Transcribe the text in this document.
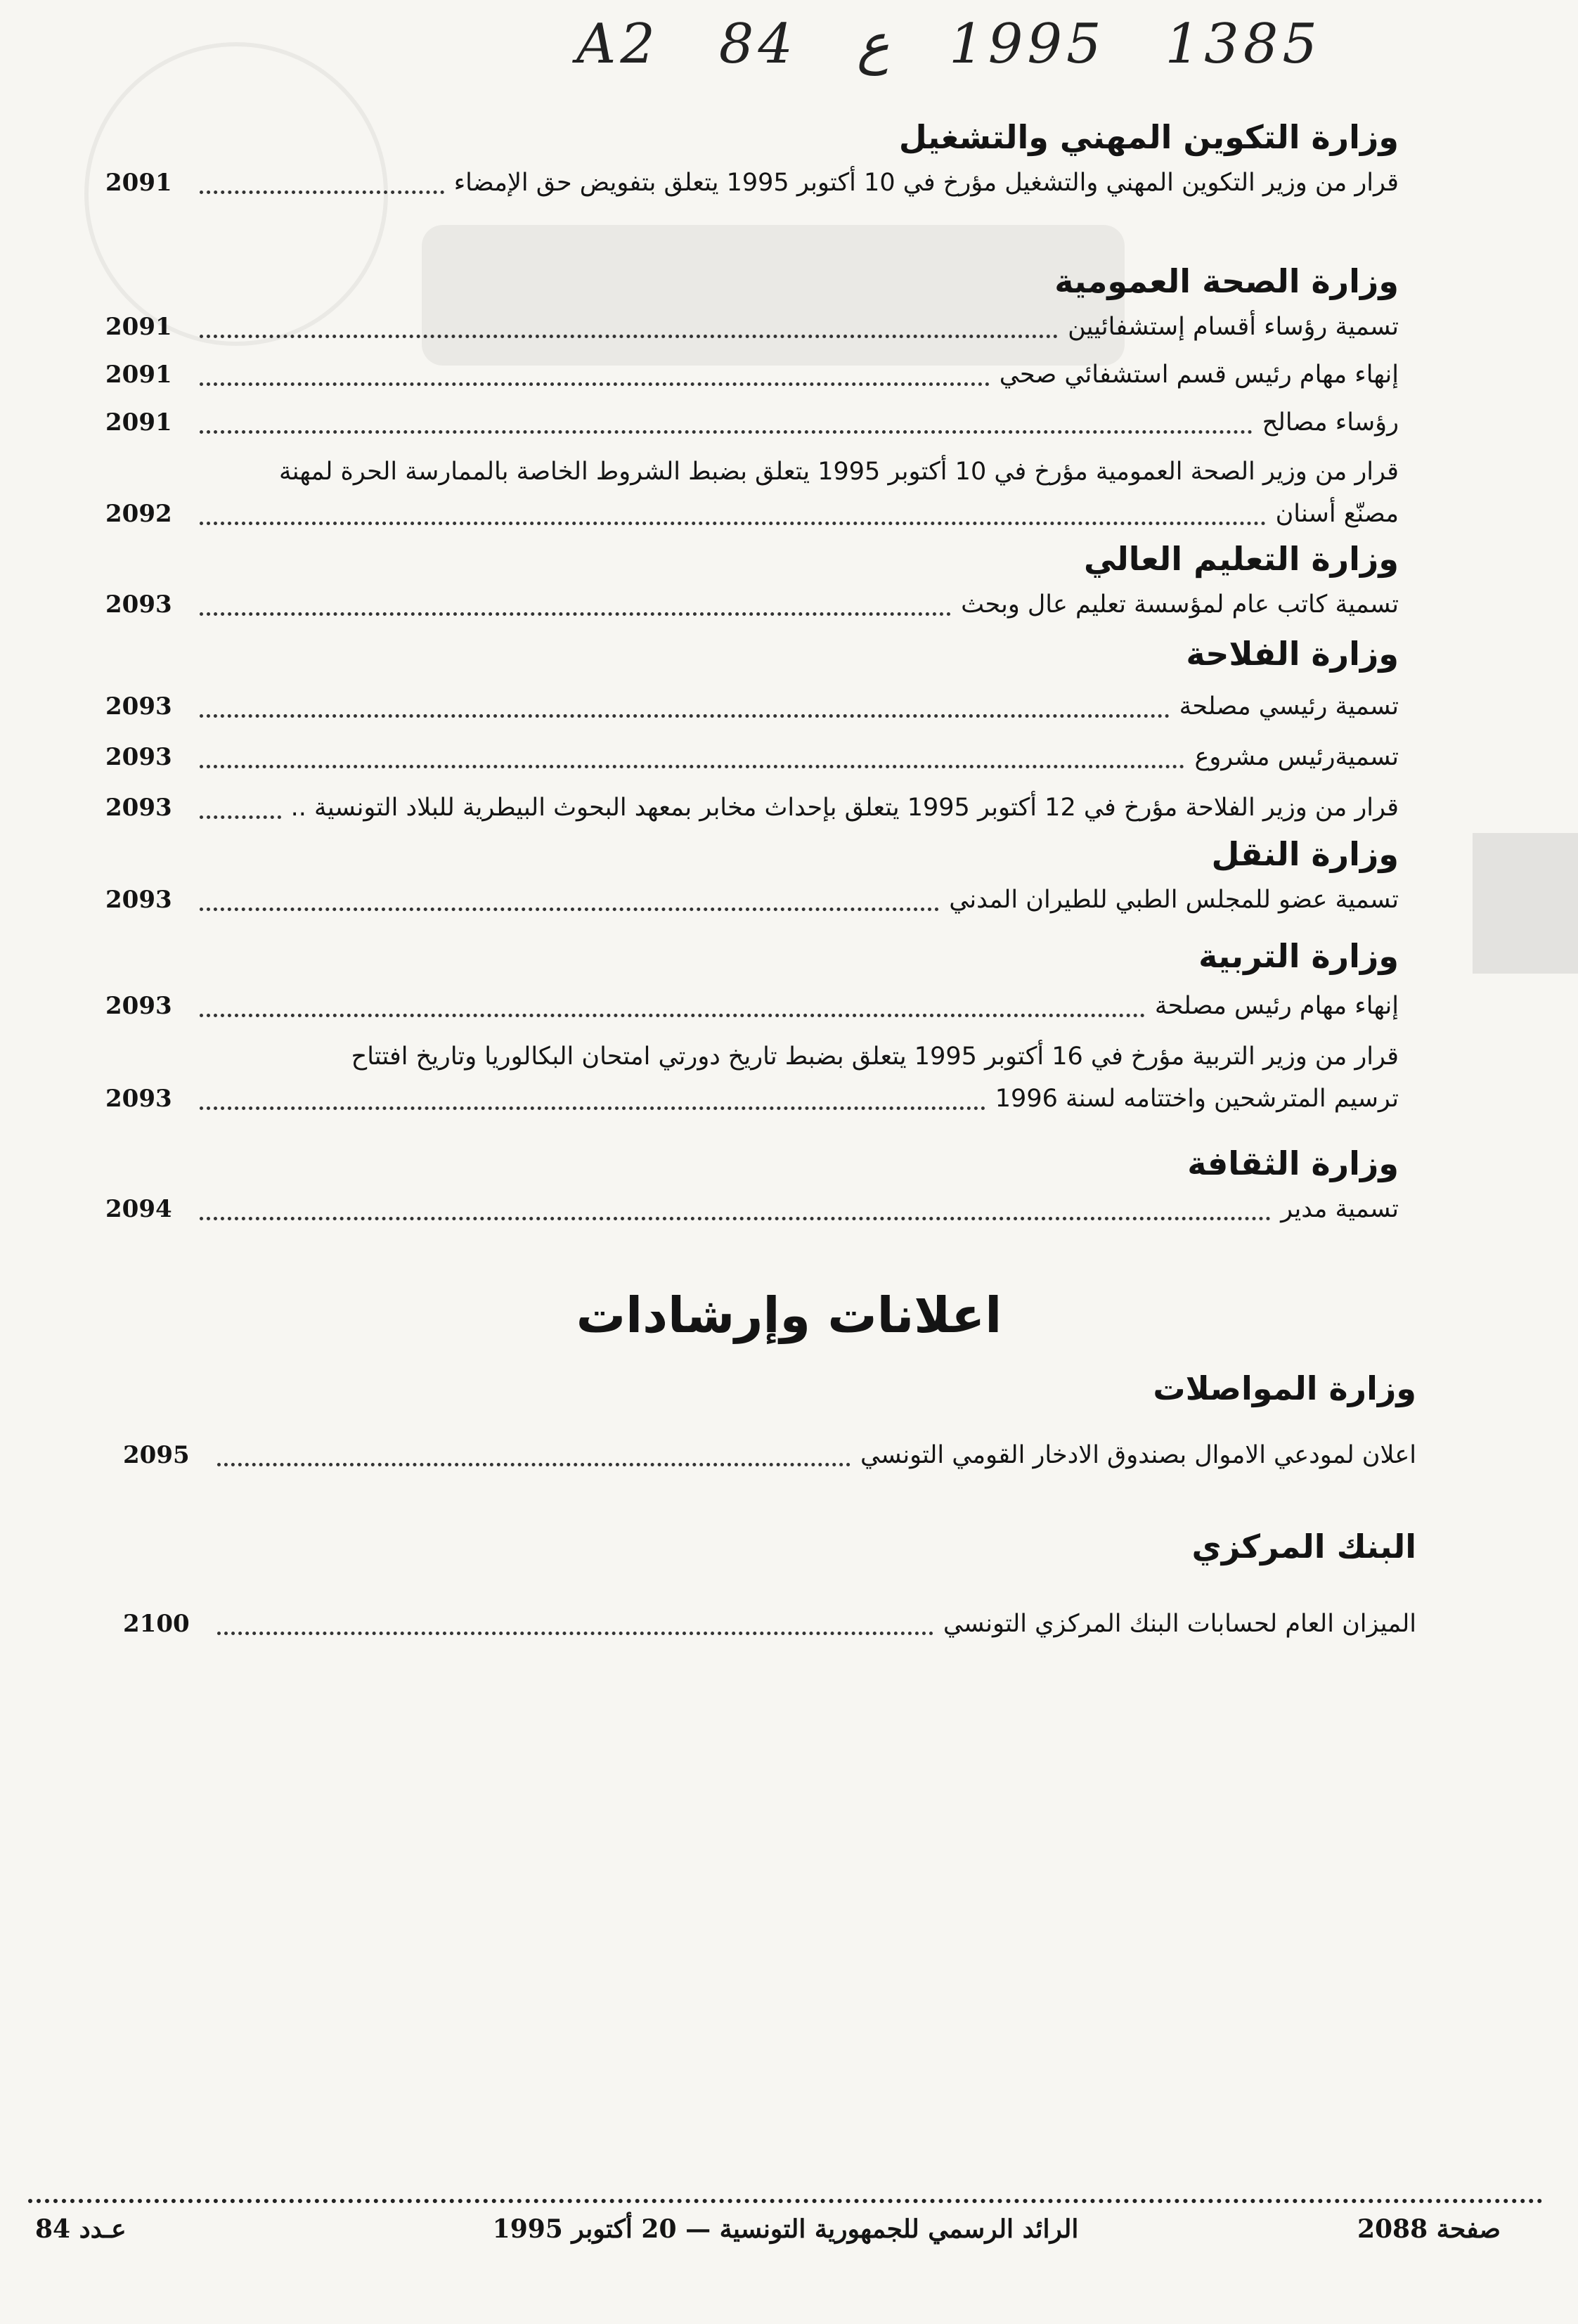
A2 84 ع 1995 1385
وزارة التكوين المهني والتشغيل
قرار من وزير التكوين المهني والتشغيل مؤرخ في 10 أكتوبر 1995 يتعلق بتفويض حق الإمضاء
2091
وزارة الصحة العمومية
تسمية رؤساء أقسام إستشفائيين
2091
إنهاء مهام رئيس قسم استشفائي صحي
2091
رؤساء مصالح
2091
قرار من وزير الصحة العمومية مؤرخ في 10 أكتوبر 1995 يتعلق بضبط الشروط الخاصة بالممارسة الحرة لمهنة
مصنّع أسنان
2092
وزارة التعليم العالي
تسمية كاتب عام لمؤسسة تعليم عال وبحث
2093
وزارة الفلاحة
تسمية رئيسي مصلحة
2093
تسميةرئيس مشروع
2093
قرار من وزير الفلاحة مؤرخ في 12 أكتوبر 1995 يتعلق بإحداث مخابر بمعهد البحوث البيطرية للبلاد التونسية ..
2093
وزارة النقل
تسمية عضو للمجلس الطبي للطيران المدني
2093
وزارة التربية
إنهاء مهام رئيس مصلحة
2093
قرار من وزير التربية مؤرخ في 16 أكتوبر 1995 يتعلق بضبط تاريخ دورتي امتحان البكالوريا وتاريخ افتتاح
ترسيم المترشحين واختتامه لسنة 1996
2093
وزارة الثقافة
تسمية مدير
2094
وزارة المواصلات
اعلان لمودعي الاموال بصندوق الادخار القومي التونسي
2095
البنك المركزي
الميزان العام لحسابات البنك المركزي التونسي
2100
اعلانات وإرشادات
عـدد 84	الرائد الرسمي للجمهورية التونسية — 20 أكتوبر 1995	صفحة 2088
